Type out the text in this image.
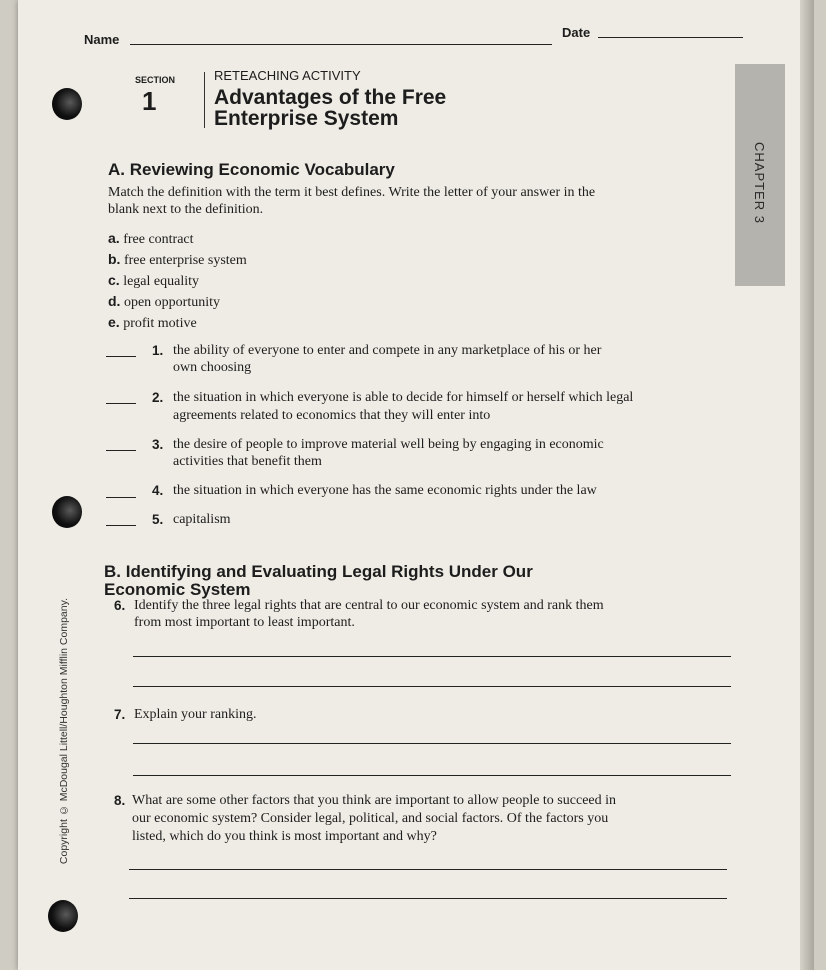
CHAPTER 3
Name	Date
SECTION
1
RETEACHING ACTIVITY
Advantages of the Free
Enterprise System
A. Reviewing Economic Vocabulary
Match the definition with the term it best defines. Write the letter of your answer in the
blank next to the definition.
a. free contract
b. free enterprise system
c. legal equality
d. open opportunity
e. profit motive
1. the ability of everyone to enter and compete in any marketplace of his or her
own choosing
2. the situation in which everyone is able to decide for himself or herself which legal
agreements related to economics that they will enter into
3. the desire of people to improve material well being by engaging in economic
activities that benefit them
4. the situation in which everyone has the same economic rights under the law
5. capitalism
B. Identifying and Evaluating Legal Rights Under Our
Economic System
6. Identify the three legal rights that are central to our economic system and rank them
from most important to least important.
7. Explain your ranking.
8. What are some other factors that you think are important to allow people to succeed in
our economic system? Consider legal, political, and social factors. Of the factors you
listed, which do you think is most important and why?
Copyright © McDougal Littell/Houghton Mifflin Company.
